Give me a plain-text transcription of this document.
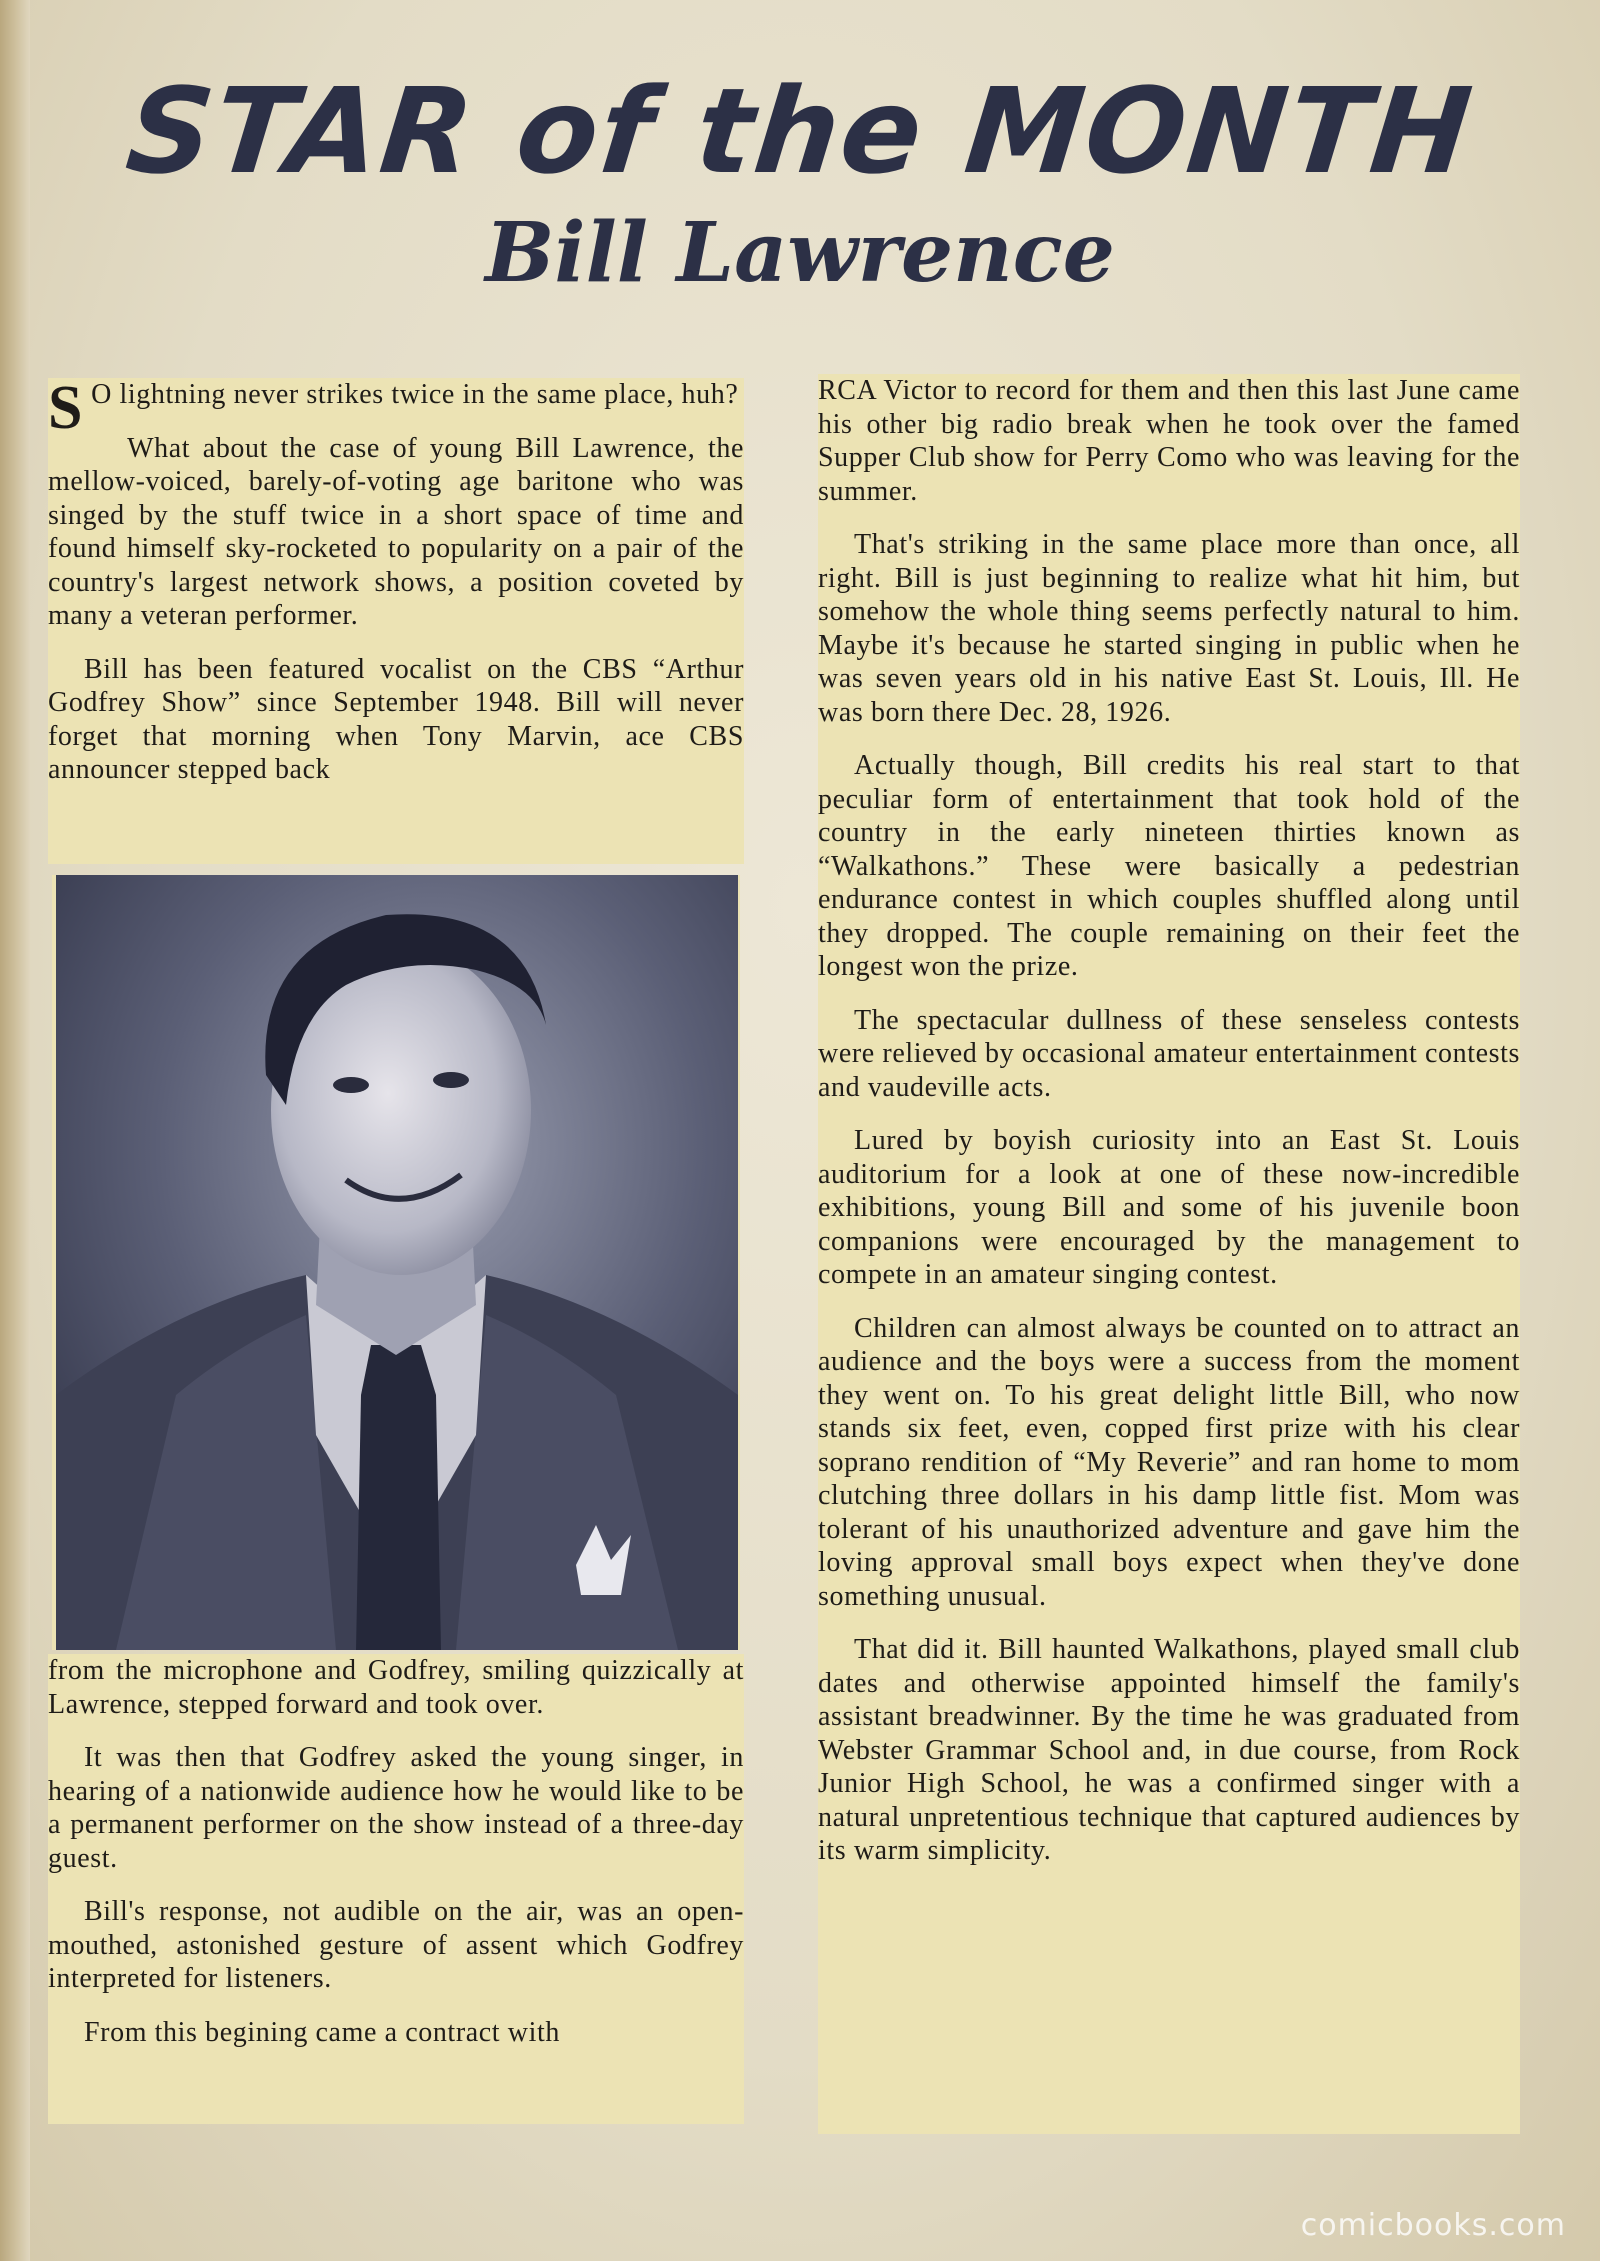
STAR of the MONTH
Bill Lawrence

S O lightning never strikes twice in the same place, huh?

What about the case of young Bill Lawrence, the mellow-voiced, barely-of-voting age baritone who was singed by the stuff twice in a short space of time and found himself sky-rocketed to popularity on a pair of the country's largest network shows, a position coveted by many a veteran performer.

Bill has been featured vocalist on the CBS “Arthur Godfrey Show” since September 1948. Bill will never forget that morning when Tony Marvin, ace CBS announcer stepped back

from the microphone and Godfrey, smiling quizzically at Lawrence, stepped forward and took over.

It was then that Godfrey asked the young singer, in hearing of a nationwide audience how he would like to be a permanent performer on the show instead of a three-day guest.

Bill's response, not audible on the air, was an open-mouthed, astonished gesture of assent which Godfrey interpreted for listeners.

From this begining came a contract with

RCA Victor to record for them and then this last June came his other big radio break when he took over the famed Supper Club show for Perry Como who was leaving for the summer.

That's striking in the same place more than once, all right. Bill is just beginning to realize what hit him, but somehow the whole thing seems perfectly natural to him. Maybe it's because he started singing in public when he was seven years old in his native East St. Louis, Ill. He was born there Dec. 28, 1926.

Actually though, Bill credits his real start to that peculiar form of entertainment that took hold of the country in the early nineteen thirties known as “Walkathons.” These were basically a pedestrian endurance contest in which couples shuffled along until they dropped. The couple remaining on their feet the longest won the prize.

The spectacular dullness of these senseless contests were relieved by occasional amateur entertainment contests and vaudeville acts.

Lured by boyish curiosity into an East St. Louis auditorium for a look at one of these now-incredible exhibitions, young Bill and some of his juvenile boon companions were encouraged by the management to compete in an amateur singing contest.

Children can almost always be counted on to attract an audience and the boys were a success from the moment they went on. To his great delight little Bill, who now stands six feet, even, copped first prize with his clear soprano rendition of “My Reverie” and ran home to mom clutching three dollars in his damp little fist. Mom was tolerant of his unauthorized adventure and gave him the loving approval small boys expect when they've done something unusual.

That did it. Bill haunted Walkathons, played small club dates and otherwise appointed himself the family's assistant breadwinner. By the time he was graduated from Webster Grammar School and, in due course, from Rock Junior High School, he was a confirmed singer with a natural unpretentious technique that captured audiences by its warm simplicity.

comicbooks.com
